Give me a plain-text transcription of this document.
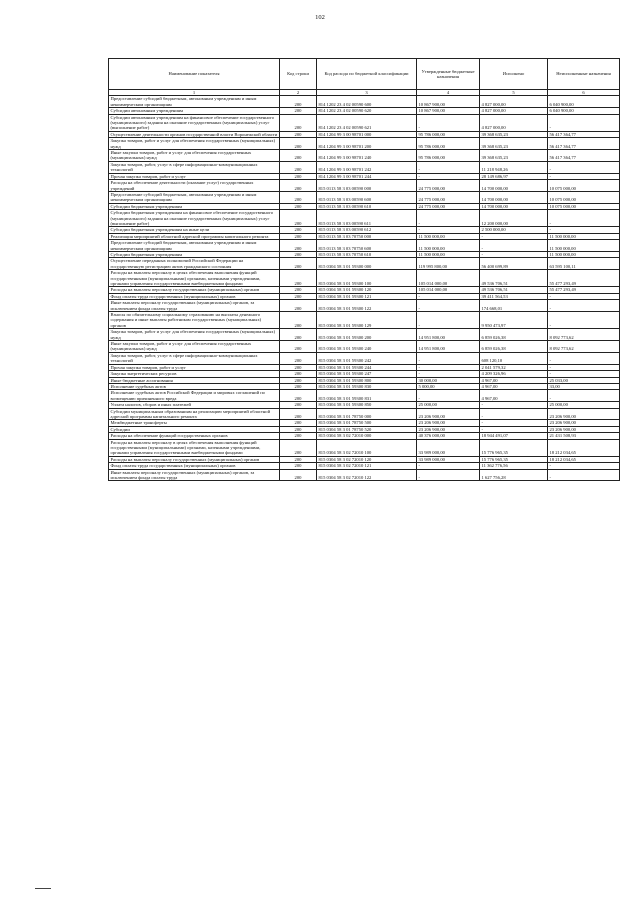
102
Наименование показателя	Код строки	Код расхода по бюджетной классификации	Утвержденные бюджетные назначения	Исполнено	Неисполненные назначения
1	2	3	4	5	6
Предоставление субсидий бюджетным, автономным учреждениям и иным некоммерческим организациям	200	814 1202 23 4 02 00590 600	10 867 900,00	4 827 000,00	6 040 900,00
Субсидии автономным учреждениям	200	814 1202 23 4 02 00590 620	10 867 900,00	4 827 000,00	6 040 900,00
Субсидии автономным учреждениям на финансовое обеспечение государственного (муниципального) задания на оказание государственных (муниципальных) услуг (выполнение работ)	200	814 1202 23 4 02 00590 621	-	4 827 000,00	-
Осуществление деятельности органов государственной власти Воронежской области	200	814 1204 99 3 00 98701 000	95 786 000,00	39 368 635,23	56 417 364,77
Закупка товаров, работ и услуг для обеспечения государственных (муниципальных) нужд	200	814 1204 99 3 00 98701 200	95 786 000,00	39 368 635,23	56 417 364,77
Иные закупки товаров, работ и услуг для обеспечения государственных (муниципальных) нужд	200	814 1204 99 3 00 98701 240	95 786 000,00	39 368 635,23	56 417 364,77
Закупка товаров, работ, услуг в сфере информационно-коммуникационных технологий	200	814 1204 99 3 00 98701 242	-	11 218 948,26	-
Прочая закупка товаров, работ и услуг	200	814 1204 99 3 00 98701 244	-	28 149 686,97	-
Расходы на обеспечение деятельности (оказание услуг) государственных учреждений	200	815 0113 58 3 03 00590 000	24 775 000,00	14 700 000,00	10 075 000,00
Предоставление субсидий бюджетным, автономным учреждениям и иным некоммерческим организациям	200	815 0113 58 3 03 00590 600	24 775 000,00	14 700 000,00	10 075 000,00
Субсидии бюджетным учреждениям	200	815 0113 58 3 03 00590 610	24 775 000,00	14 700 000,00	10 075 000,00
Субсидии бюджетным учреждениям на финансовое обеспечение государственного (муниципального) задания на оказание государственных (муниципальных) услуг (выполнение работ)	200	815 0113 58 3 03 00590 611	-	12 200 000,00	-
Субсидии бюджетным учреждениям на иные цели	200	815 0113 58 3 03 00590 612	-	2 500 000,00	-
Реализация мероприятий областной адресной программы капитального ремонта	200	815 0113 58 3 03 70750 000	11 500 000,00	-	11 500 000,00
Предоставление субсидий бюджетным, автономным учреждениям и иным некоммерческим организациям	200	815 0113 58 3 03 70750 600	11 500 000,00	-	11 500 000,00
Субсидии бюджетным учреждениям	200	815 0113 58 3 03 70750 610	11 500 000,00	-	11 500 000,00
Осуществление переданных полномочий Российской Федерации на государственную регистрацию актов гражданского состояния	200	815 0304 58 3 01 59300 000	119 995 800,00	56 400 699,89	63 595 100,11
Расходы на выплаты персоналу в целях обеспечения выполнения функций государственными (муниципальными) органами, казенными учреждениями, органами управления государственными внебюджетными фондами	200	815 0304 58 3 01 59300 100	105 014 000,00	49 536 706,51	55 477 293,49
Расходы на выплаты персоналу государственных (муниципальных) органов	200	815 0304 58 3 01 59300 120	105 014 000,00	49 536 706,51	55 477 293,49
Фонд оплаты труда государственных (муниципальных) органов	200	815 0304 58 3 01 59300 121	-	39 411 564,53	-
Иные выплаты персоналу государственных (муниципальных) органов, за исключением фонда оплаты труда	200	815 0304 58 3 01 59300 122	-	174 668,01	-
Взносы по обязательному социальному страхованию на выплаты денежного содержания и иные выплаты работникам государственных (муниципальных) органов	200	815 0304 58 3 01 59300 129	-	9 950 473,97	-
Закупка товаров, работ и услуг для обеспечения государственных (муниципальных) нужд	200	815 0304 58 3 01 59300 200	14 951 800,00	6 859 026,38	8 092 773,62
Иные закупки товаров, работ и услуг для обеспечения государственных (муниципальных) нужд	200	815 0304 58 3 01 59300 240	14 951 800,00	6 859 026,38	8 092 773,62
Закупка товаров, работ, услуг в сфере информационно-коммуникационных технологий	200	815 0304 58 3 01 59300 242	-	608 120,10	-
Прочая закупка товаров, работ и услуг	200	815 0304 58 3 01 59300 244	-	2 041 579,32	-
Закупка энергетических ресурсов	200	815 0304 58 3 01 59300 247	-	4 209 326,96	-
Иные бюджетные ассигнования	200	815 0304 58 3 01 59300 800	30 000,00	4 967,00	25 033,00
Исполнение судебных актов	200	815 0304 58 3 01 59300 830	5 000,00	4 967,00	33,00
Исполнение судебных актов Российской Федерации и мировых соглашений по возмещению причиненного вреда	200	815 0304 58 3 01 59300 831	-	4 967,00	-
Уплата налогов, сборов и иных платежей	200	815 0304 58 3 01 59300 850	25 000,00	-	25 000,00
Субсидии муниципальным образованиям на реализацию мероприятий областной адресной программы капитального ремонта	200	815 0304 58 3 01 78750 000	23 206 900,00	-	23 206 900,00
Межбюджетные трансферты	200	815 0304 58 3 01 78750 500	23 206 900,00	-	23 206 900,00
Субсидии	200	815 0304 58 3 01 78750 520	23 206 900,00	-	23 206 900,00
Расходы на обеспечение функций государственных органов	200	815 0304 58 3 02 72010 000	40 376 000,00	18 944 491,07	21 431 508,93
Расходы на выплаты персоналу в целях обеспечения выполнения функций государственными (муниципальными) органами, казенными учреждениями, органами управления государственными внебюджетными фондами	200	815 0304 58 3 02 72010 100	33 989 000,00	15 776 965,35	18 212 034,65
Расходы на выплаты персоналу государственных (муниципальных) органов	200	815 0304 58 3 02 72010 120	33 989 000,00	15 776 965,35	18 212 034,65
Фонд оплаты труда государственных (муниципальных) органов	200	815 0304 58 3 02 72010 121	-	11 362 776,56	-
Иные выплаты персоналу государственных (муниципальных) органов, за исключением фонда оплаты труда	200	815 0304 58 3 02 72010 122	-	1 627 756,28	-
